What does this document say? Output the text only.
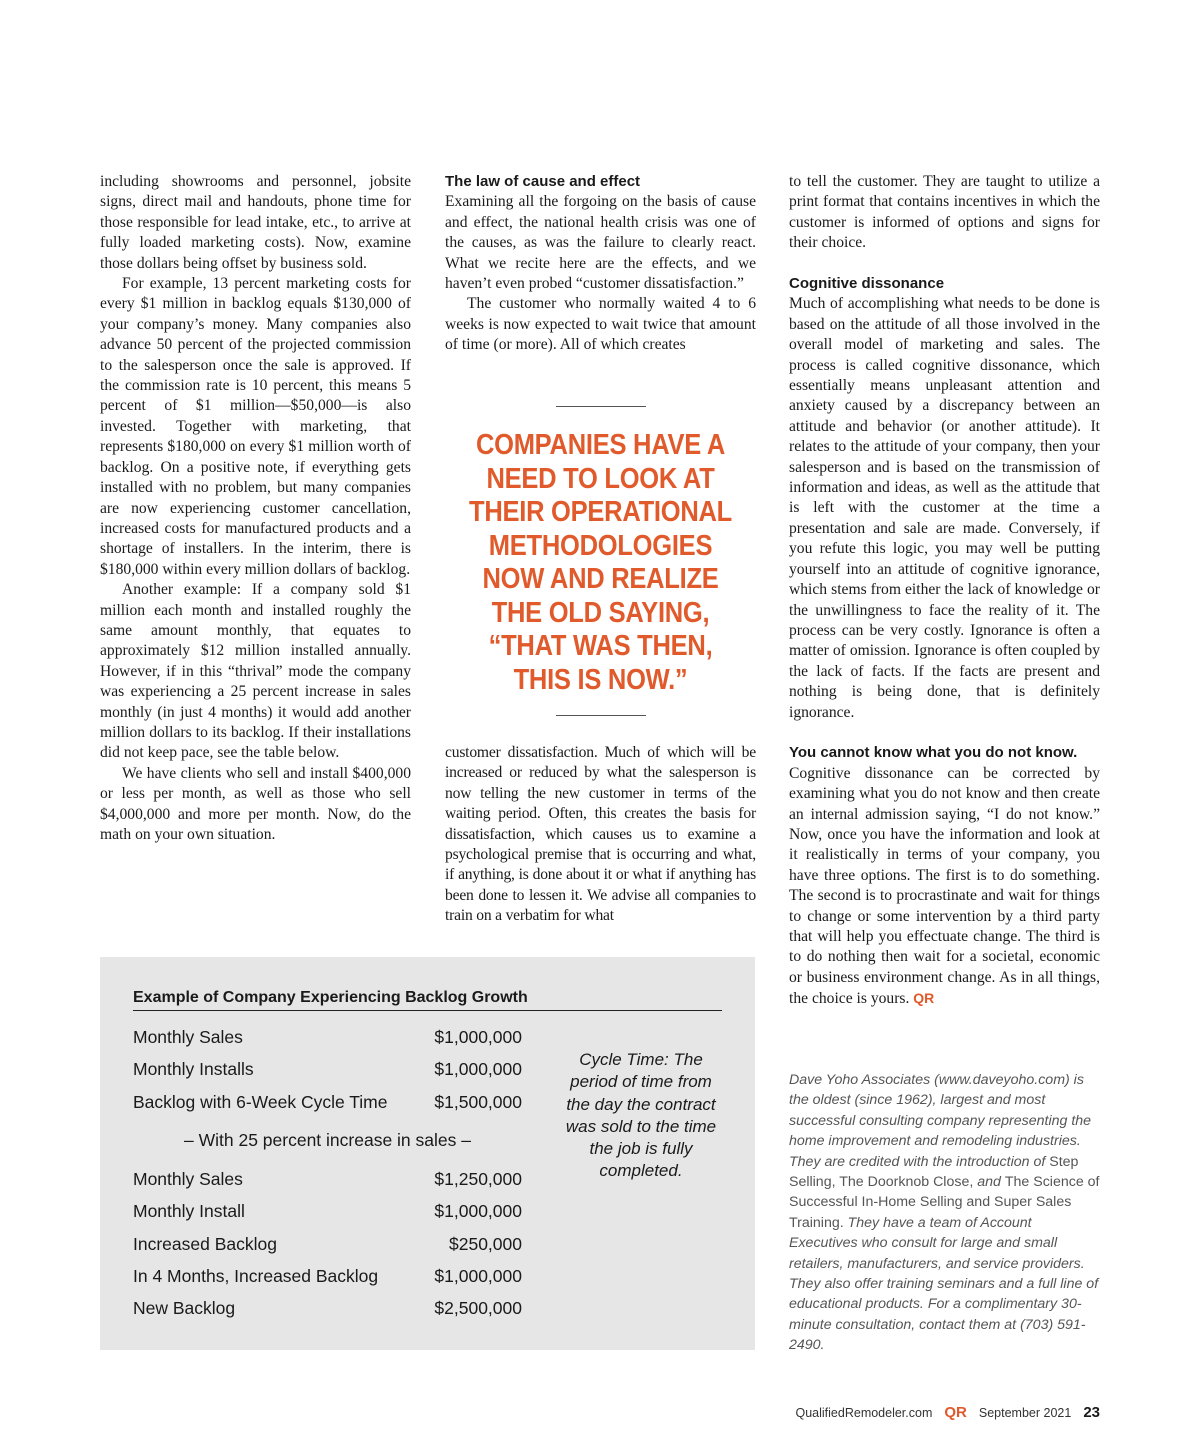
including showrooms and personnel, jobsite signs, direct mail and handouts, phone time for those responsible for lead intake, etc., to arrive at fully loaded marketing costs). Now, examine those dollars being offset by business sold.

For example, 13 percent marketing costs for every $1 million in backlog equals $130,000 of your company’s money. Many companies also advance 50 percent of the projected commission to the salesperson once the sale is approved. If the commission rate is 10 percent, this means 5 percent of $1 million—$50,000—is also invested. Together with marketing, that represents $180,000 on every $1 million worth of backlog. On a positive note, if everything gets installed with no problem, but many companies are now experiencing customer cancellation, increased costs for manufactured products and a shortage of installers. In the interim, there is $180,000 within every million dollars of backlog.

Another example: If a company sold $1 million each month and installed roughly the same amount monthly, that equates to approximately $12 million installed annually. However, if in this “thrival” mode the company was experiencing a 25 percent increase in sales monthly (in just 4 months) it would add another million dollars to its backlog. If their installations did not keep pace, see the table below.

We have clients who sell and install $400,000 or less per month, as well as those who sell $4,000,000 and more per month. Now, do the math on your own situation.

The law of cause and effect

Examining all the forgoing on the basis of cause and effect, the national health crisis was one of the causes, as was the failure to clearly react. What we recite here are the effects, and we haven’t even probed “customer dissatisfaction.”

The customer who normally waited 4 to 6 weeks is now expected to wait twice that amount of time (or more). All of which creates

COMPANIES HAVE A NEED TO LOOK AT THEIR OPERATIONAL METHODOLOGIES NOW AND REALIZE THE OLD SAYING, “THAT WAS THEN, THIS IS NOW.”

customer dissatisfaction. Much of which will be increased or reduced by what the salesperson is now telling the new customer in terms of the waiting period. Often, this creates the basis for dissatisfaction, which causes us to examine a psychological premise that is occurring and what, if anything, is done about it or what if anything has been done to lessen it. We advise all companies to train on a verbatim for what

to tell the customer. They are taught to utilize a print format that contains incentives in which the customer is informed of options and signs for their choice.

Cognitive dissonance

Much of accomplishing what needs to be done is based on the attitude of all those involved in the overall model of marketing and sales. The process is called cognitive dissonance, which essentially means unpleasant attention and anxiety caused by a discrepancy between an attitude and behavior (or another attitude). It relates to the attitude of your company, then your salesperson and is based on the transmission of information and ideas, as well as the attitude that is left with the customer at the time a presentation and sale are made. Conversely, if you refute this logic, you may well be putting yourself into an attitude of cognitive ignorance, which stems from either the lack of knowledge or the unwillingness to face the reality of it. The process can be very costly. Ignorance is often a matter of omission. Ignorance is often coupled by the lack of facts. If the facts are present and nothing is being done, that is definitely ignorance.

You cannot know what you do not know.

Cognitive dissonance can be corrected by examining what you do not know and then create an internal admission saying, “I do not know.” Now, once you have the information and look at it realistically in terms of your company, you have three options. The first is to do something. The second is to procrastinate and wait for things to change or some intervention by a third party that will help you effectuate change. The third is to do nothing then wait for a societal, economic or business environment change. As in all things, the choice is yours. QR

Example of Company Experiencing Backlog Growth
Monthly Sales	$1,000,000
Monthly Installs	$1,000,000
Backlog with 6-Week Cycle Time	$1,500,000
– With 25 percent increase in sales –
Monthly Sales	$1,250,000
Monthly Install	$1,000,000
Increased Backlog	$250,000
In 4 Months, Increased Backlog	$1,000,000
New Backlog	$2,500,000
Cycle Time: The period of time from the day the contract was sold to the time the job is fully completed.
Dave Yoho Associates (www.daveyoho.com) is the oldest (since 1962), largest and most successful consulting company representing the home improvement and remodeling industries. They are credited with the introduction of Step Selling, The Doorknob Close, and The Science of Successful In-Home Selling and Super Sales Training. They have a team of Account Executives who consult for large and small retailers, manufacturers, and service providers. They also offer training seminars and a full line of educational products. For a complimentary 30-minute consultation, contact them at (703) 591-2490.
QualifiedRemodeler.com QR September 2021 23
